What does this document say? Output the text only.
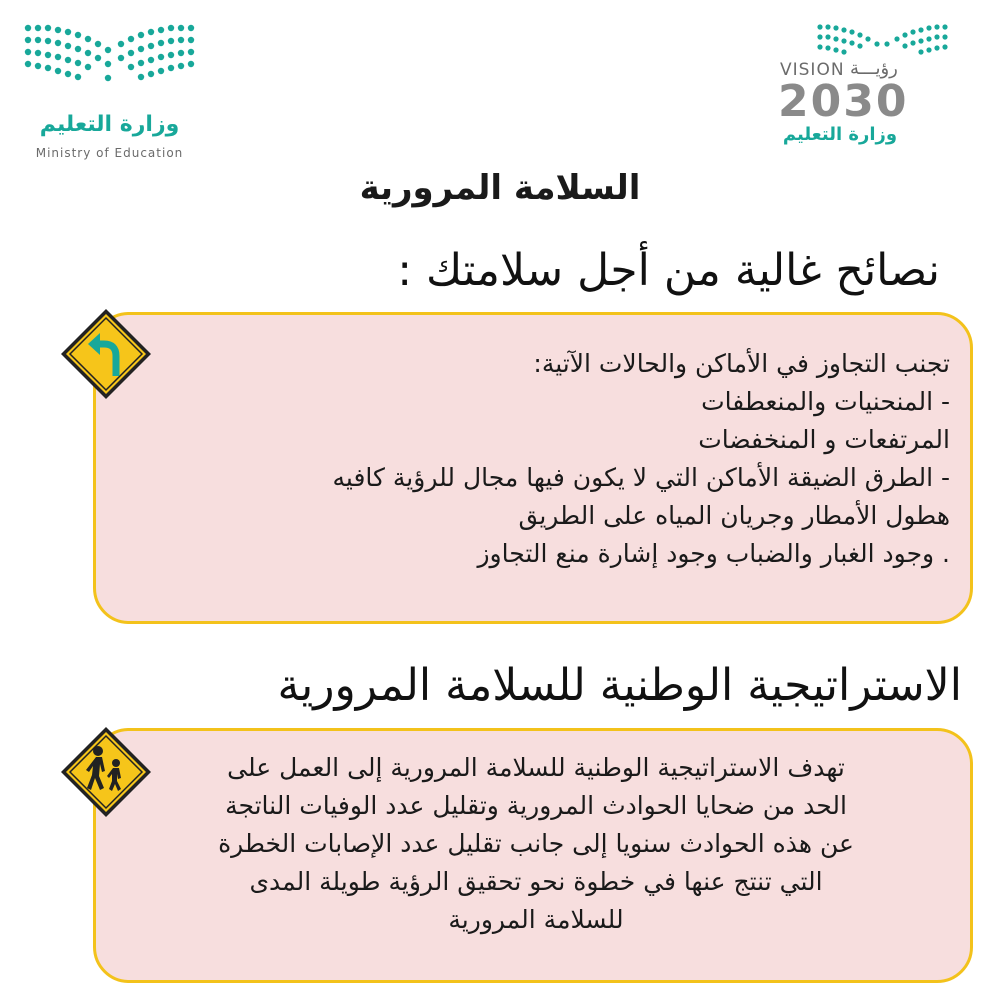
وزارة التعليم
Ministry of Education
VISION رؤيـــة
2030
وزارة التعليم
السلامة المرورية
نصائح غالية من أجل سلامتك :
تجنب التجاوز في الأماكن والحالات الآتية:
- المنحنيات والمنعطفات
المرتفعات و المنخفضات
- الطرق الضيقة الأماكن التي لا يكون فيها مجال للرؤية كافيه
هطول الأمطار وجريان المياه على الطريق
. وجود الغبار والضباب وجود إشارة منع التجاوز
الاستراتيجية الوطنية للسلامة المرورية
تهدف الاستراتيجية الوطنية للسلامة المرورية إلى العمل على
الحد من ضحايا الحوادث المرورية وتقليل عدد الوفيات الناتجة
عن هذه الحوادث سنويا إلى جانب تقليل عدد الإصابات الخطرة
التي تنتج عنها في خطوة نحو تحقيق الرؤية طويلة المدى
للسلامة المرورية
